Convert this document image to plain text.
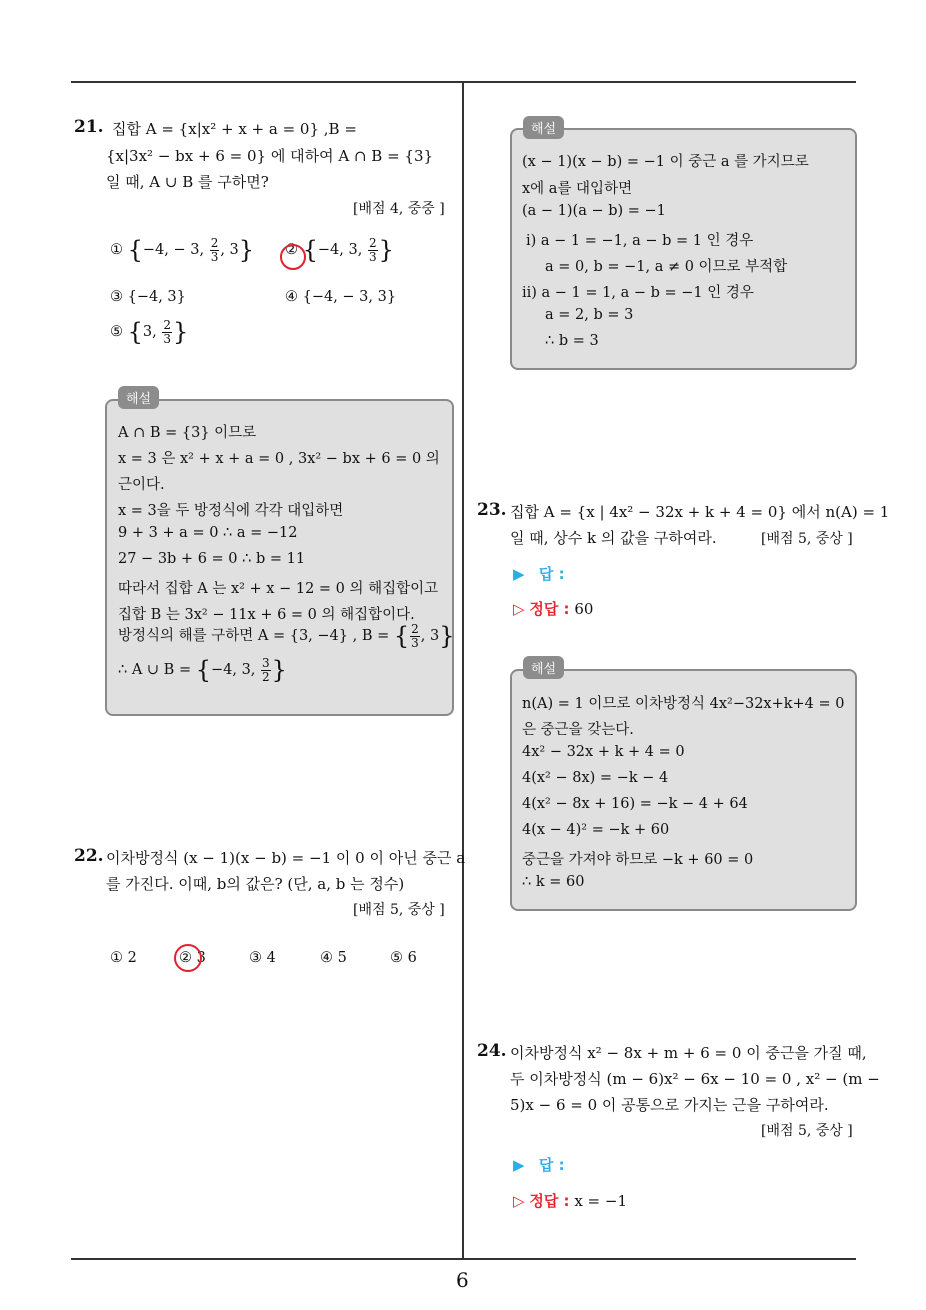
21. 집합 A = {x|x² + x + a = 0} ,B =
{x|3x² − bx + 6 = 0} 에 대하여 A ∩ B = {3}
일 때, A ∪ B 를 구하면?
[배점 4, 중중 ]
① {−4, − 3, $\frac{2}{3}$ , 3} ② {−4, 3, $\frac{2}{3}$ }
③ {−4, 3}	④ {−4, − 3, 3}
⑤ {3, $\frac{2}{3}$ }
해설
A ∩ B = {3} 이므로
x = 3 은 x² + x + a = 0 , 3x² − bx + 6 = 0 의
근이다.
x = 3을 두 방정식에 각각 대입하면
9 + 3 + a = 0 ∴ a = −12
27 − 3b + 6 = 0 ∴ b = 11
따라서 집합 A 는 x² + x − 12 = 0 의 해집합이고
집합 B 는 3x² − 11x + 6 = 0 의 해집합이다.
방정식의 해를 구하면 A = {3, −4} , B = { $\frac{2}{3}$ , 3}
∴ A ∪ B = {−4, 3, $\frac{3}{2}$ }
22. 이차방정식 (x − 1)(x − b) = −1 이 0 이 아닌 중근 a
를 가진다. 이때, b의 값은? (단, a, b 는 정수)
[배점 5, 중상 ]
① 2	② 3	③ 4	④ 5	⑤ 6
해설
(x − 1)(x − b) = −1 이 중근 a 를 가지므로
x에 a를 대입하면
(a − 1)(a − b) = −1
ⅰ) a − 1 = −1, a − b = 1 인 경우
a = 0, b = −1, a ≠ 0 이므로 부적합
ⅱ) a − 1 = 1, a − b = −1 인 경우
a = 2, b = 3
∴ b = 3
23. 집합 A = {x | 4x² − 32x + k + 4 = 0} 에서 n(A) = 1
일 때, 상수 k 의 값을 구하여라.	[배점 5, 중상 ]
▶ 답 :
▷ 정답 : 60
해설
n(A) = 1 이므로 이차방정식 4x²−32x+k+4 = 0
은 중근을 갖는다.
4x² − 32x + k + 4 = 0
4(x² − 8x) = −k − 4
4(x² − 8x + 16) = −k − 4 + 64
4(x − 4)² = −k + 60
중근을 가져야 하므로 −k + 60 = 0
∴ k = 60
24. 이차방정식 x² − 8x + m + 6 = 0 이 중근을 가질 때,
두 이차방정식 (m − 6)x² − 6x − 10 = 0 , x² − (m −
5)x − 6 = 0 이 공통으로 가지는 근을 구하여라.
[배점 5, 중상 ]
▶ 답 :
▷ 정답 : x = −1
6
